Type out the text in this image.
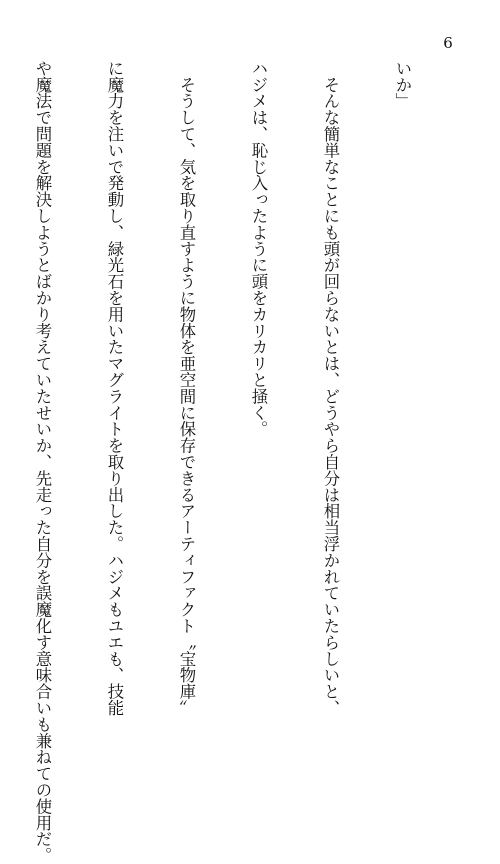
6

いか」

　そんな簡単なことにも頭が回らないとは、どうやら自分は相当浮かれていたらしいと、

ハジメは、恥じ入ったように頭をカリカリと掻く。

　そうして、気を取り直すように物体を亜空間に保存できるアーティファクト〝宝物庫〟

に魔力を注いで発動し、緑光石を用いたマグライトを取り出した。ハジメもユエも、技能

や魔法で問題を解決しようとばかり考えていたせいか、先走った自分を誤魔化す意味合いも兼ねての使用だ。
